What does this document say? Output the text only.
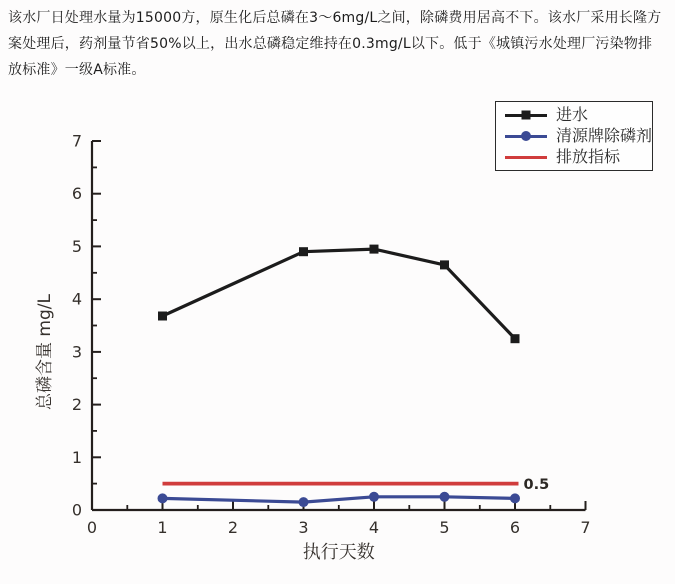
该水厂日处理水量为15000方，原生化后总磷在3～6mg/L之间，除磷费用居高不下。该水厂采用长隆方
案处理后，药剂量节省50%以上，出水总磷稳定维持在0.3mg/L以下。低于《城镇污水处理厂污染物排
放标准》一级A标准。
0	1	2	3	4	5	6	7
0
1
2
3
4
5
6
7
0.5
执行天数
总磷含量 mg/L
进水
清源牌除磷剂
排放指标
